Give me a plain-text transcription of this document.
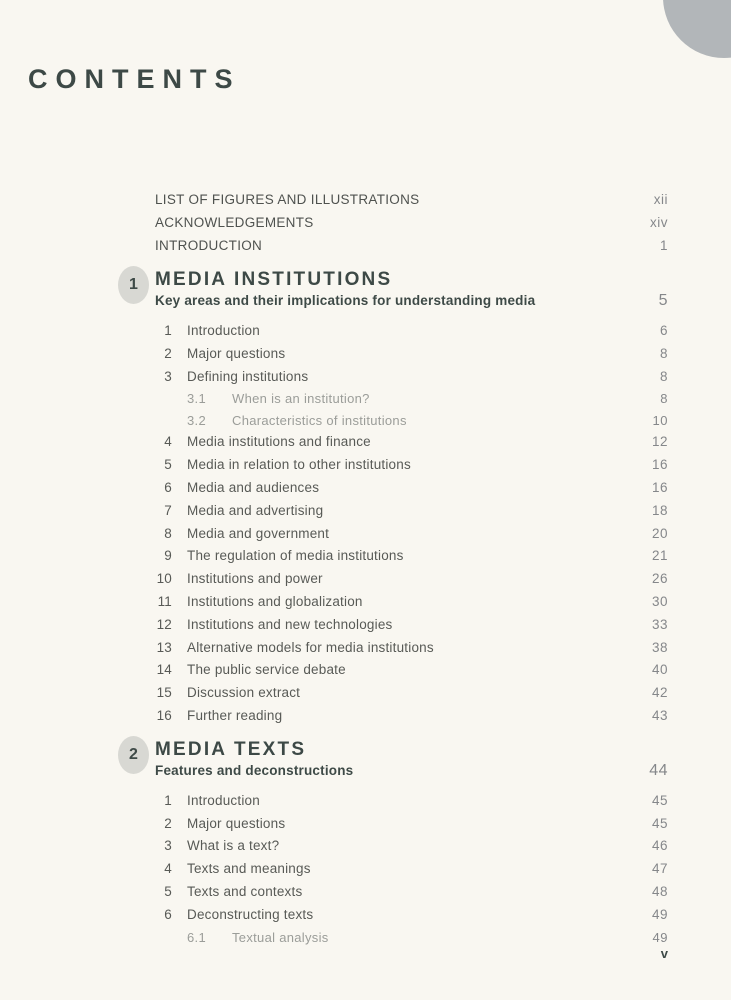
CONTENTS
LIST OF FIGURES AND ILLUSTRATIONS	xii
ACKNOWLEDGEMENTS	xiv
INTRODUCTION	1
1 MEDIA INSTITUTIONS
Key areas and their implications for understanding media	5
1 Introduction	6
2 Major questions	8
3 Defining institutions	8
3.1	When is an institution?	8
3.2	Characteristics of institutions	10
4 Media institutions and finance	12
5 Media in relation to other institutions	16
6 Media and audiences	16
7 Media and advertising	18
8 Media and government	20
9 The regulation of media institutions	21
10 Institutions and power	26
11 Institutions and globalization	30
12 Institutions and new technologies	33
13 Alternative models for media institutions	38
14 The public service debate	40
15 Discussion extract	42
16 Further reading	43
2 MEDIA TEXTS
Features and deconstructions	44
1 Introduction	45
2 Major questions	45
3 What is a text?	46
4 Texts and meanings	47
5 Texts and contexts	48
6 Deconstructing texts	49
6.1	Textual analysis	49
v
